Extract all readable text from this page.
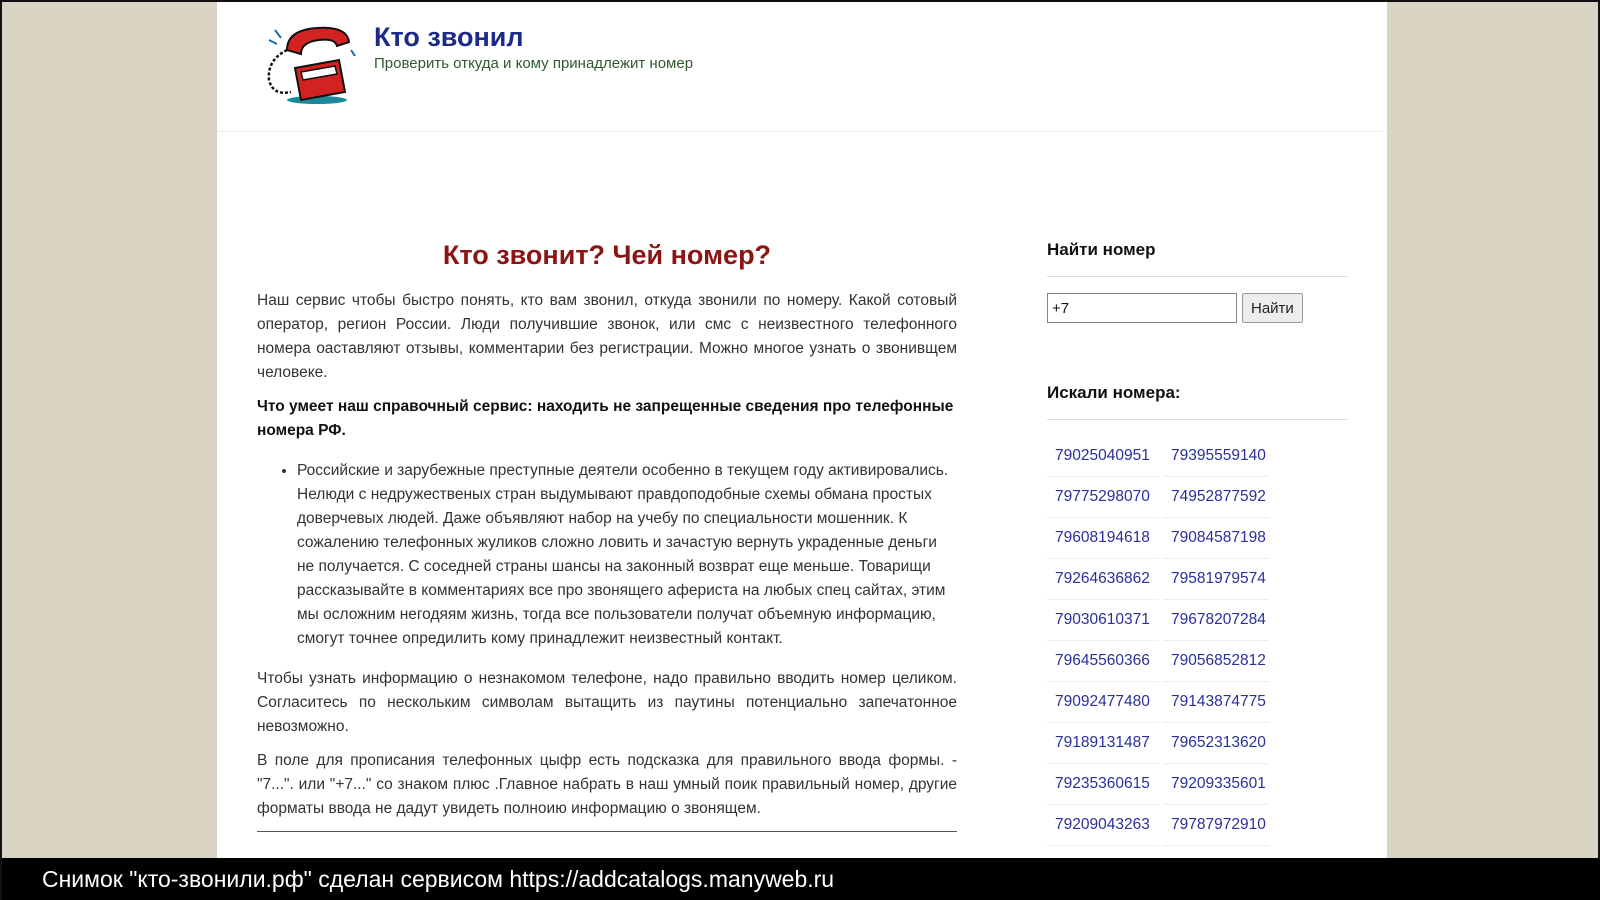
Кто звонил
Проверить откуда и кому принадлежит номер
Кто звонит? Чей номер?

Наш сервис чтобы быстро понять, кто вам звонил, откуда звонили по номеру. Какой сотовый оператор, регион России. Люди получившие звонок, или смс с неизвестного телефонного номера оаставляют отзывы, комментарии без регистрации. Можно многое узнать о звонивщем человеке.

Что умеет наш справочный сервис: находить не запрещенные сведения про телефонные номера РФ.

• Российские и зарубежные преступные деятели особенно в текущем году активировались. Нелюди с недружественых стран выдумывают правдоподобные схемы обмана простых доверчевых людей. Даже объявляют набор на учебу по специальности мошенник. К сожалению телефонных жуликов сложно ловить и зачастую вернуть украденные деньги не получается. С соседней страны шансы на законный возврат еще меньше. Товарищи рассказывайте в комментариях все про звонящего афериста на любых спец сайтах, этим мы осложним негодяям жизнь, тогда все пользователи получат объемную информацию, смогут точнее опредилить кому принадлежит неизвестный контакт.

Чтобы узнать информацию о незнакомом телефоне, надо правильно вводить номер целиком. Согласитесь по нескольким символам вытащить из паутины потенциально запечатонное невозможно.

В поле для прописания телефонных цыфр есть подсказка для правильного ввода формы. - "7...". или "+7..." со знаком плюс .Главное набрать в наш умный поик правильный номер, другие форматы ввода не дадут увидеть полноию информацию о звонящем.

Найти номер
+7
Найти
Искали номера:
79025040951 79395559140
79775298070 74952877592
79608194618 79084587198
79264636862 79581979574
79030610371 79678207284
79645560366 79056852812
79092477480 79143874775
79189131487 79652313620
79235360615 79209335601
79209043263 79787972910
Снимок "кто-звонили.рф" сделан сервисом https://addcatalogs.manyweb.ru
